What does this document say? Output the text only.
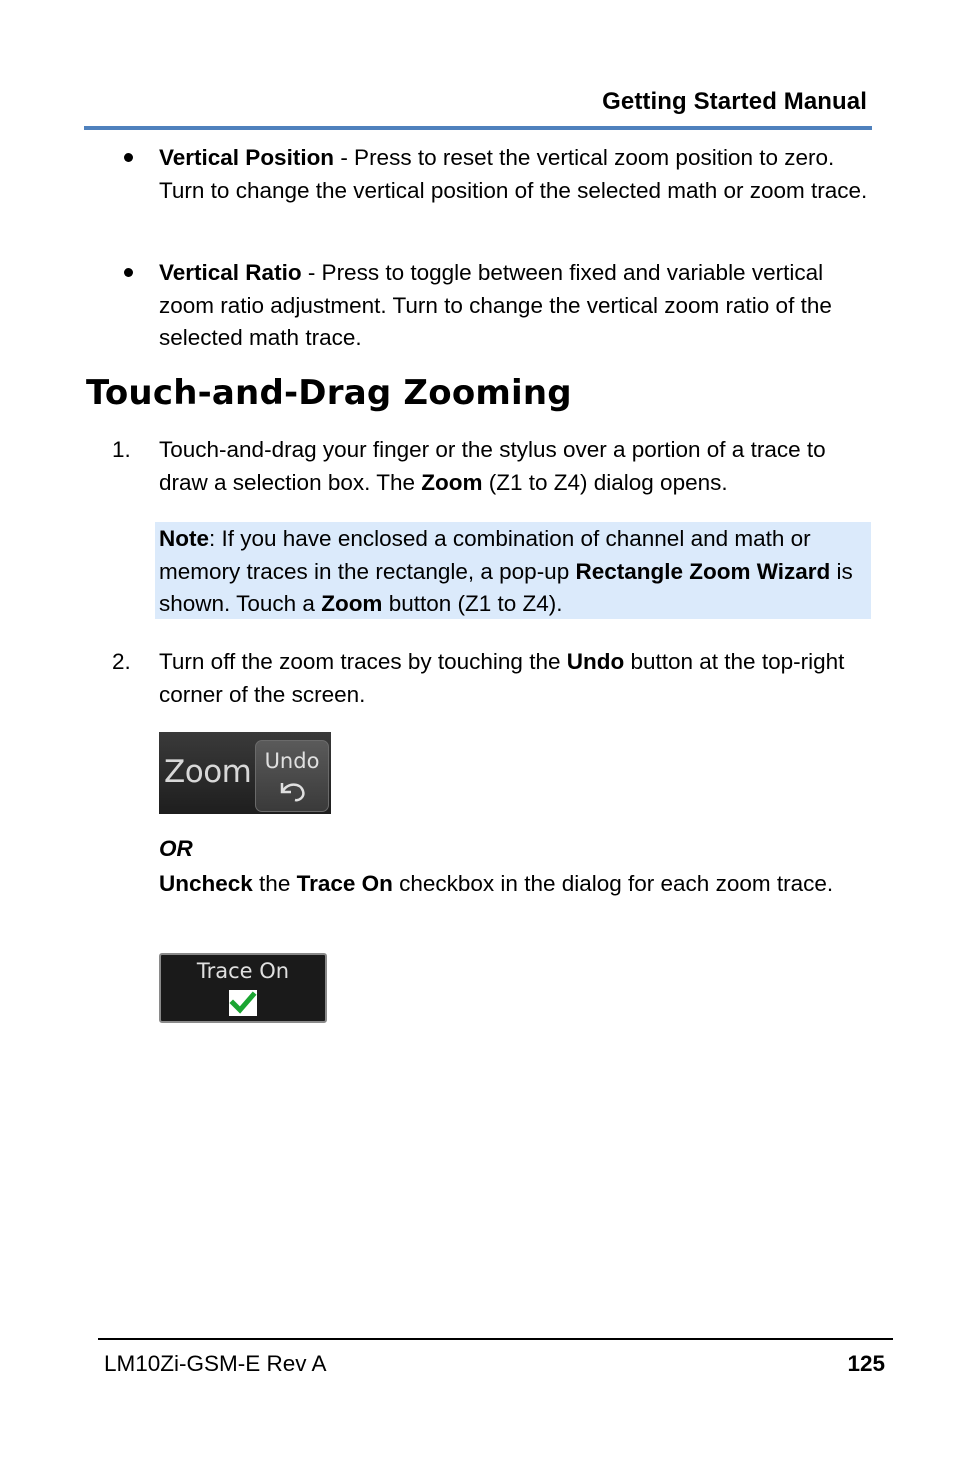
Getting Started Manual
Vertical Position - Press to reset the vertical zoom position to zero. Turn to change the vertical position of the selected math or zoom trace.
Vertical Ratio - Press to toggle between fixed and variable vertical zoom ratio adjustment. Turn to change the vertical zoom ratio of the selected math trace.
Touch-and-Drag Zooming
1. Touch-and-drag your finger or the stylus over a portion of a trace to draw a selection box. The Zoom (Z1 to Z4) dialog opens.
Note: If you have enclosed a combination of channel and math or memory traces in the rectangle, a pop-up Rectangle Zoom Wizard is shown. Touch a Zoom button (Z1 to Z4).
2. Turn off the zoom traces by touching the Undo button at the top-right corner of the screen.
Zoom Undo
OR
Uncheck the Trace On checkbox in the dialog for each zoom trace.
Trace On
LM10Zi-GSM-E Rev A	125
